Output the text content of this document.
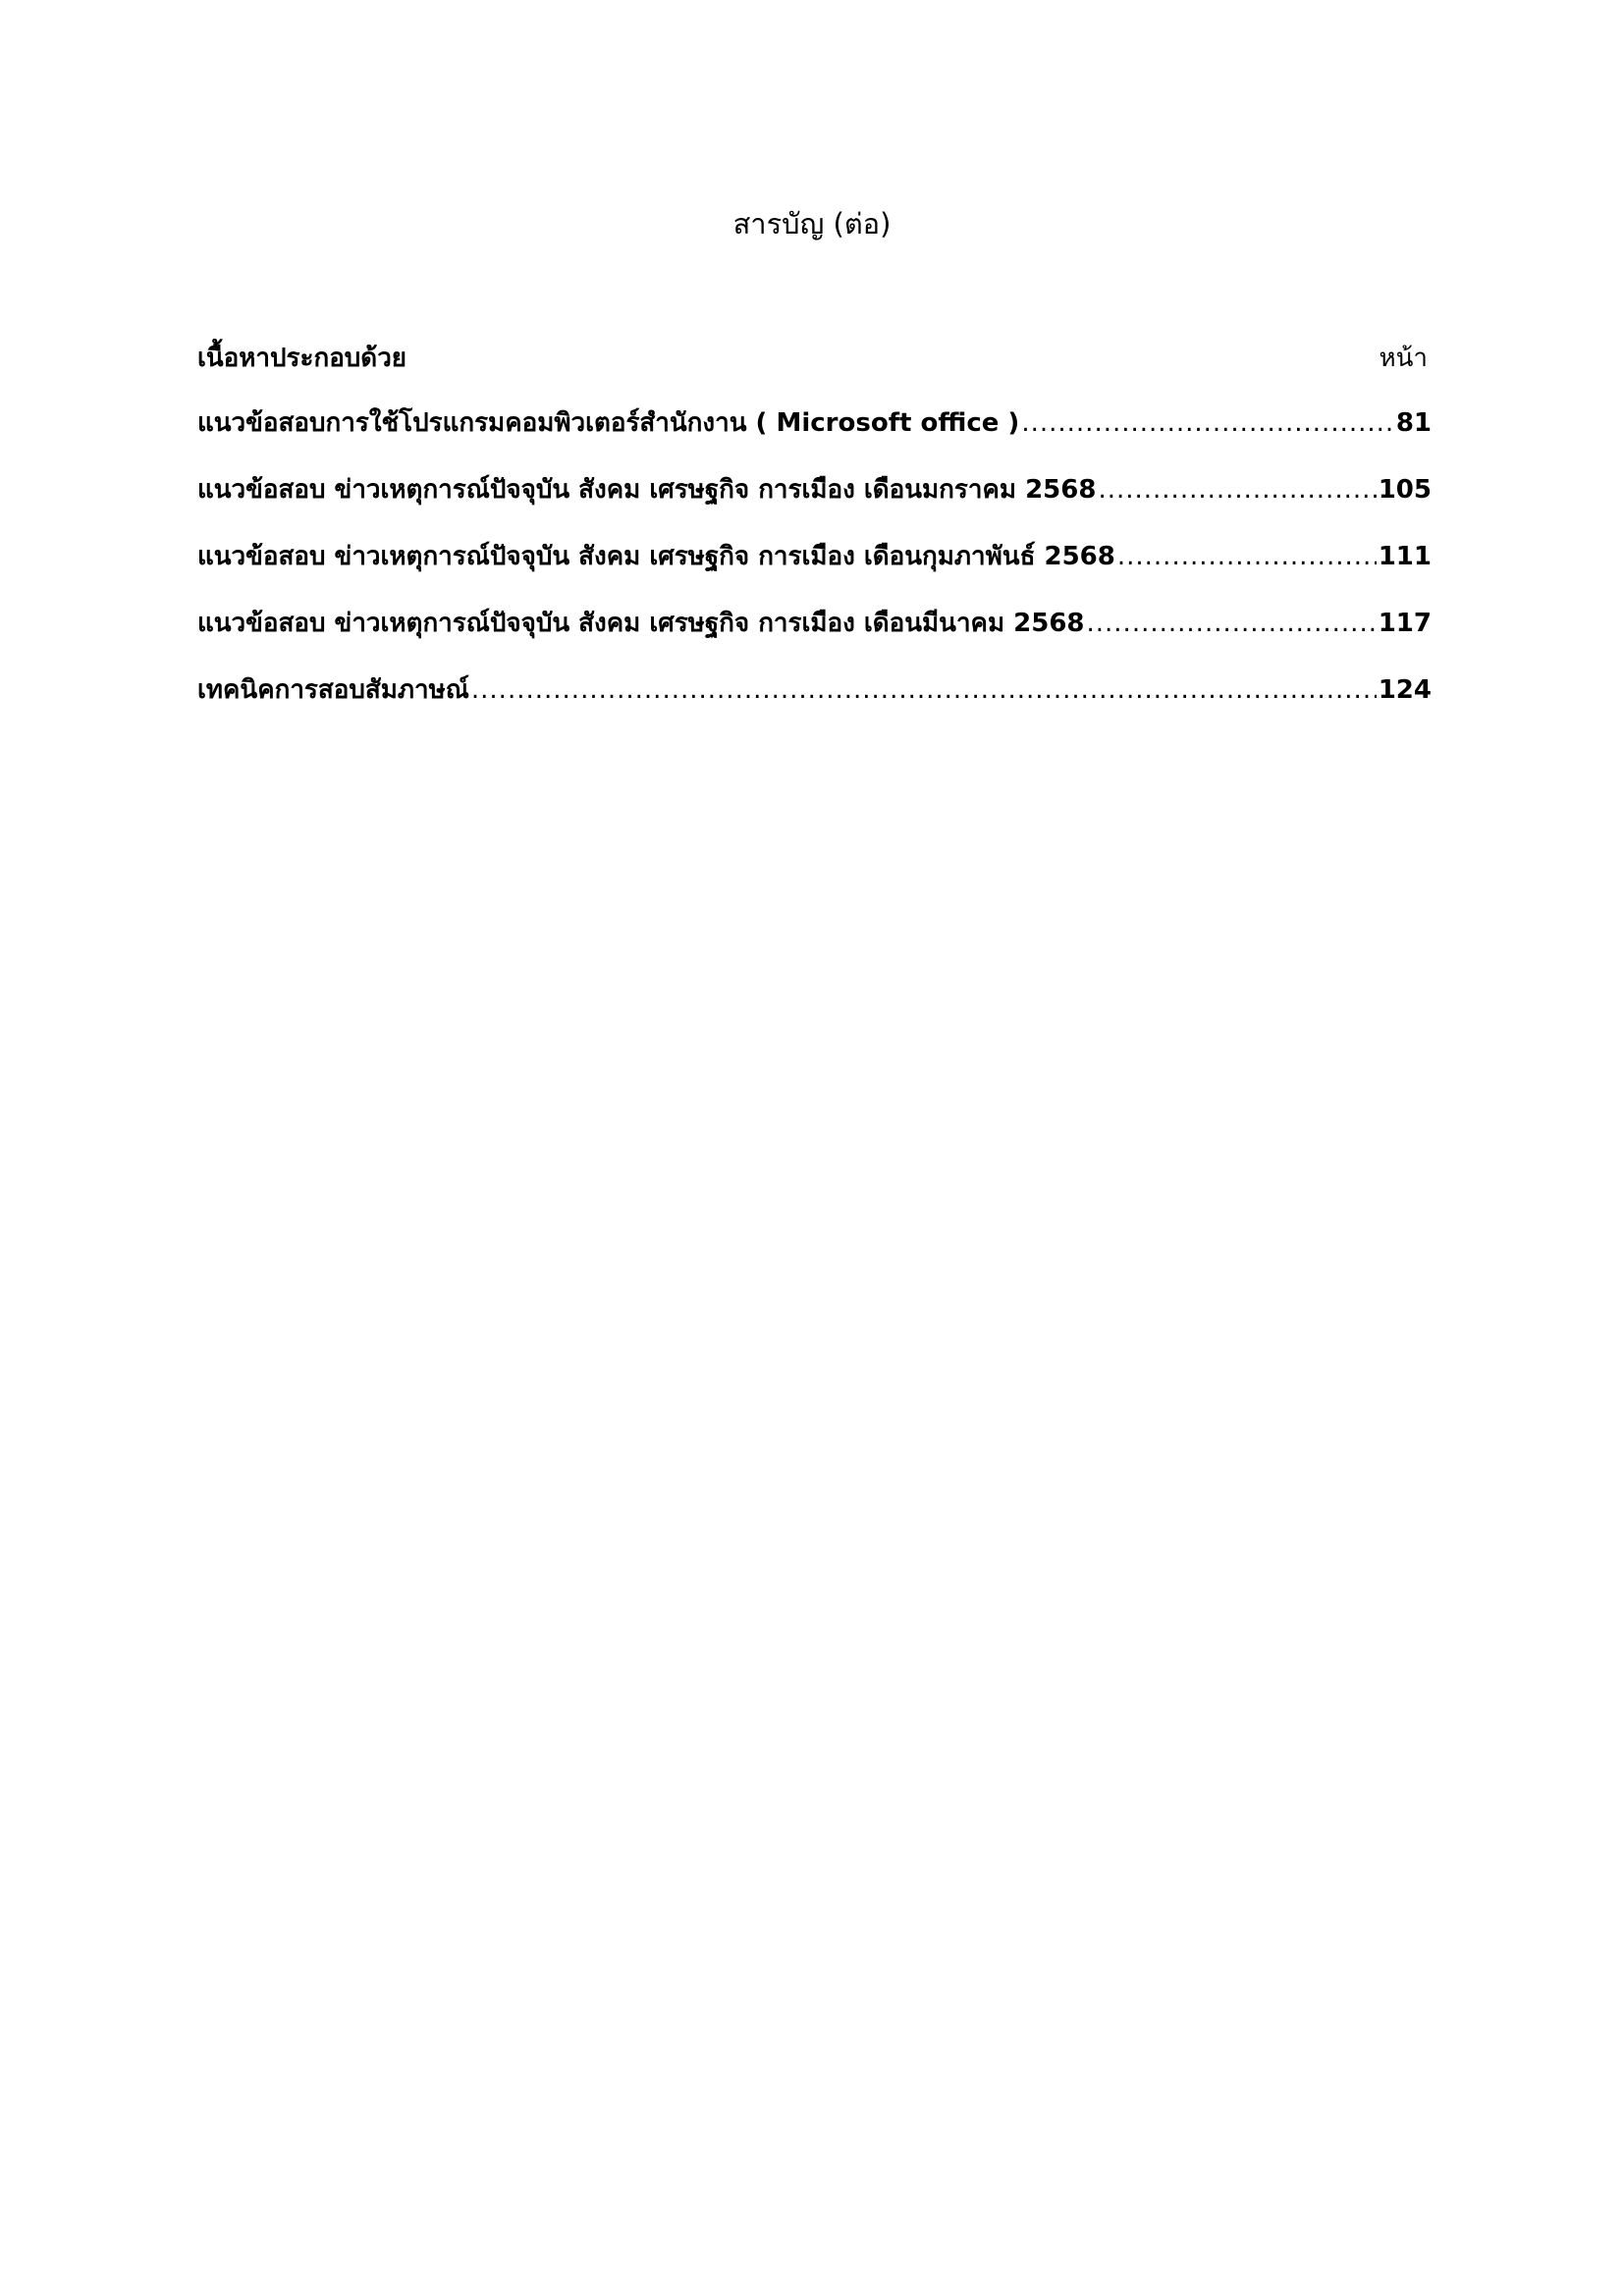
สารบัญ (ต่อ)
เนื้อหาประกอบด้วย	หน้า
แนวข้อสอบการใช้โปรแกรมคอมพิวเตอร์สำนักงาน ( Microsoft office ) .....	81
แนวข้อสอบ ข่าวเหตุการณ์ปัจจุบัน สังคม เศรษฐกิจ การเมือง เดือนมกราคม 2568 .....	105
แนวข้อสอบ ข่าวเหตุการณ์ปัจจุบัน สังคม เศรษฐกิจ การเมือง เดือนกุมภาพันธ์ 2568 .....	111
แนวข้อสอบ ข่าวเหตุการณ์ปัจจุบัน สังคม เศรษฐกิจ การเมือง เดือนมีนาคม 2568 .....	117
เทคนิคการสอบสัมภาษณ์ .....	124
